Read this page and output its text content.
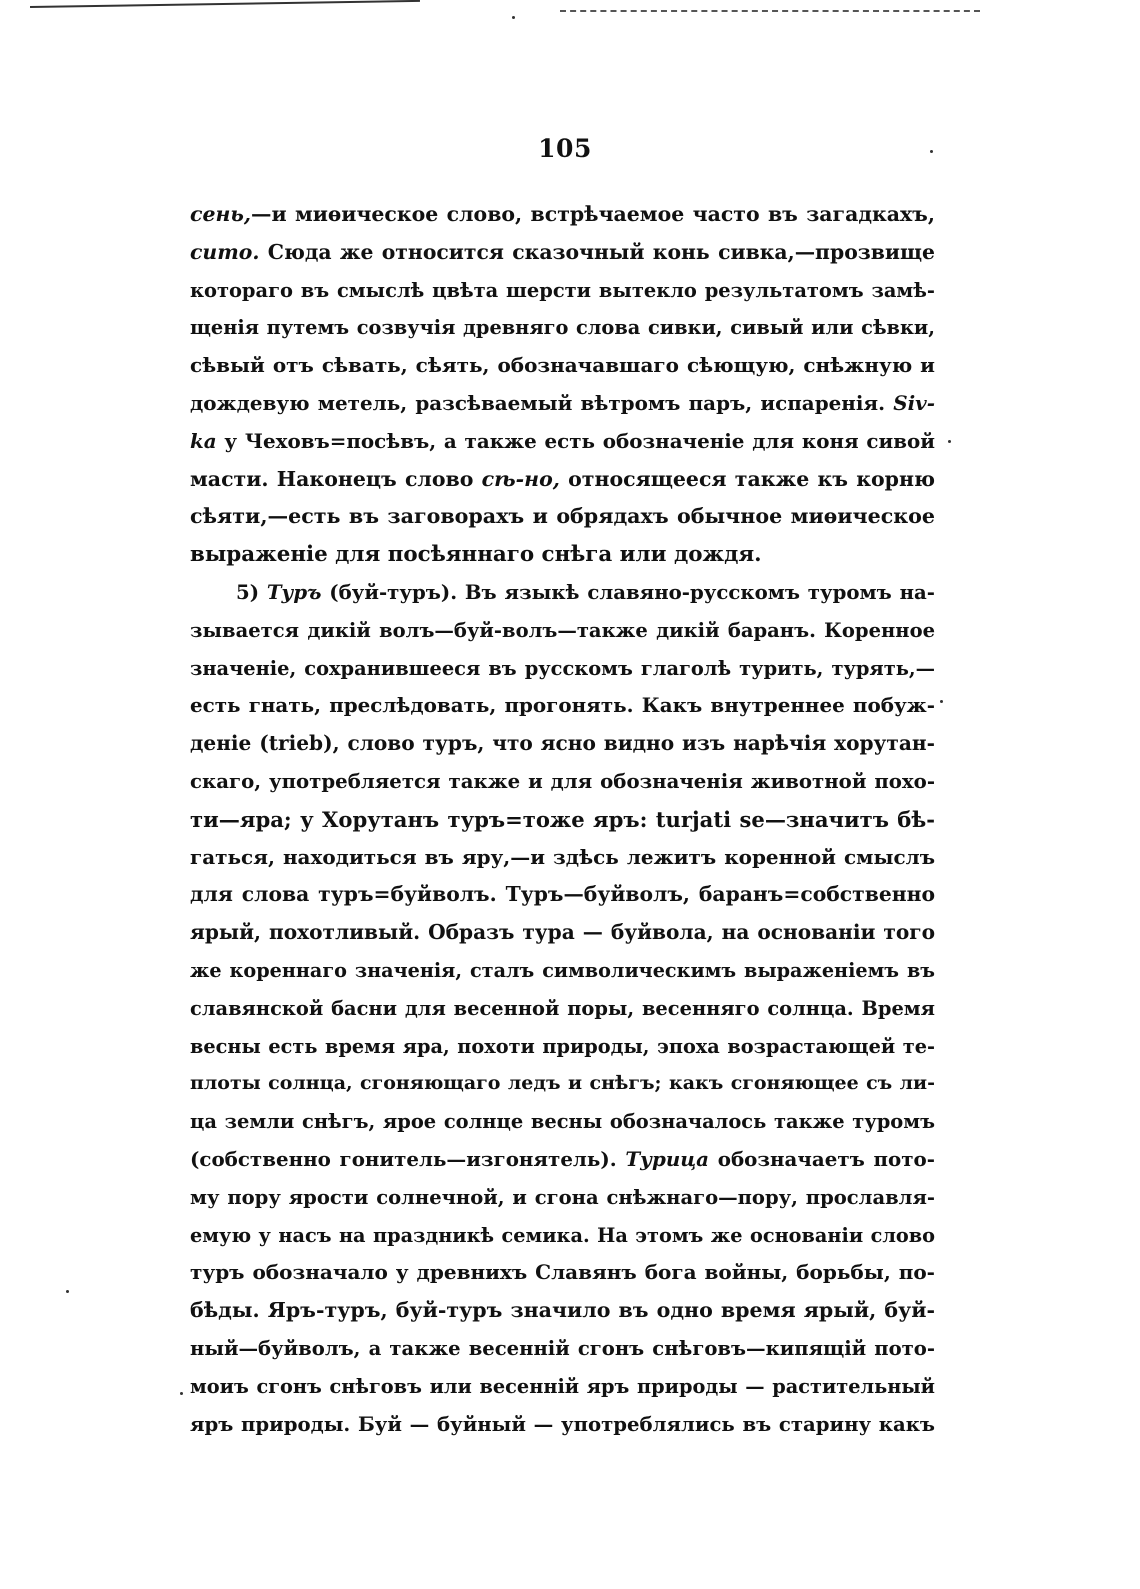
105
сень,—и миѳическое слово, встрѣчаемое часто въ загадкахъ,
сито. Сюда же относится сказочный конь сивка,—прозвище
котораго въ смыслѣ цвѣта шерсти вытекло результатомъ замѣ-
щенія путемъ созвучія древняго слова сивки, сивый или сѣвки,
сѣвый отъ сѣвать, сѣять, обозначавшаго сѣющую, снѣжную и
дождевую метель, разсѣваемый вѣтромъ паръ, испаренія. Sіv-
ka у Чеховъ=посѣвъ, а также есть обозначеніе для коня сивой
масти. Наконецъ слово сѣ-но, относящееся также къ корню
сѣяти,—есть въ заговорахъ и обрядахъ обычное миѳическое
выраженіе для посѣяннаго снѣга или дождя.
5) Туръ (буй-туръ). Въ языкѣ славяно-русскомъ туромъ на-
зывается дикій волъ—буй-волъ—также дикій баранъ. Коренное
значеніе, сохранившееся въ русскомъ глаголѣ турить, турять,—
есть гнать, преслѣдовать, прогонять. Какъ внутреннее побуж-
деніе (trieb), слово туръ, что ясно видно изъ нарѣчія хорутан-
скаго, употребляется также и для обозначенія животной похо-
ти—яра; у Хорутанъ туръ=тоже яръ: turjati se—значитъ бѣ-
гаться, находиться въ яру,—и здѣсь лежитъ коренной смыслъ
для слова туръ=буйволъ. Туръ—буйволъ, баранъ=собственно
ярый, похотливый. Образъ тура — буйвола, на основаніи того
же кореннаго значенія, сталъ символическимъ выраженіемъ въ
славянской басни для весенной поры, весенняго солнца. Время
весны есть время яра, похоти природы, эпоха возрастающей те-
плоты солнца, сгоняющаго ледъ и снѣгъ; какъ сгоняющее съ ли-
ца земли снѣгъ, ярое солнце весны обозначалось также туромъ
(собственно гонитель—изгонятель). Турица обозначаетъ пото-
му пору ярости солнечной, и сгона снѣжнаго—пору, прославля-
емую у насъ на праздникѣ семика. На этомъ же основаніи слово
туръ обозначало у древнихъ Славянъ бога войны, борьбы, по-
бѣды. Яръ-туръ, буй-туръ значило въ одно время ярый, буй-
ный—буйволъ, а также весенній сгонъ снѣговъ—кипящій пото-
моиъ сгонъ снѣговъ или весенній яръ природы — растительный
яръ природы. Буй — буйный — употреблялись въ старину какъ
